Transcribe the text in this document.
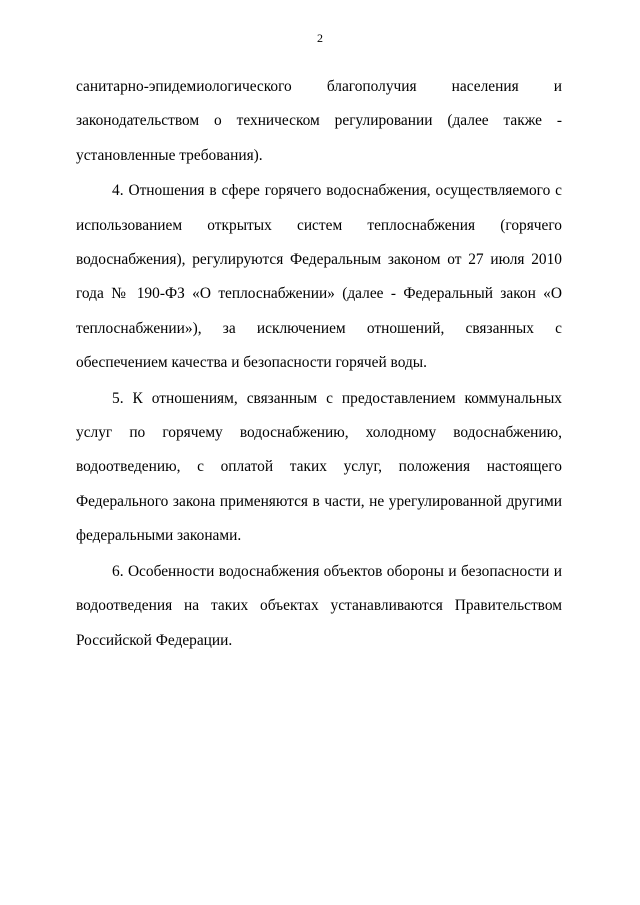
2

санитарно-эпидемиологического благополучия населения и законодательством о техническом регулировании (далее также - установленные требования).

4. Отношения в сфере горячего водоснабжения, осуществляемого с использованием открытых систем теплоснабжения (горячего водоснабжения), регулируются Федеральным законом от 27 июля 2010 года № 190-ФЗ «О теплоснабжении» (далее - Федеральный закон «О теплоснабжении»), за исключением отношений, связанных с обеспечением качества и безопасности горячей воды.

5. К отношениям, связанным с предоставлением коммунальных услуг по горячему водоснабжению, холодному водоснабжению, водоотведению, с оплатой таких услуг, положения настоящего Федерального закона применяются в части, не урегулированной другими федеральными законами.

6. Особенности водоснабжения объектов обороны и безопасности и водоотведения на таких объектах устанавливаются Правительством Российской Федерации.
